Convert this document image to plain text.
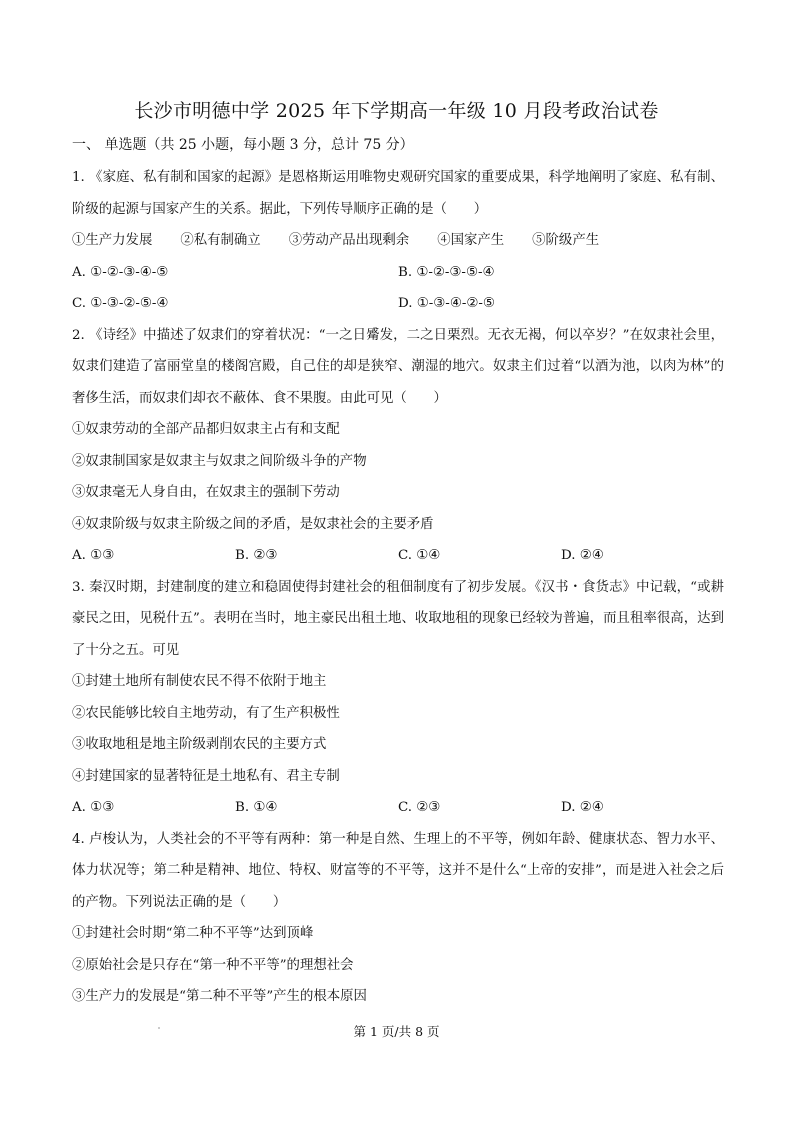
长沙市明德中学 2025 年下学期高一年级 10 月段考政治试卷
一、 单选题（共 25 小题，每小题 3 分，总计 75 分）
1. 《家庭、私有制和国家的起源》是恩格斯运用唯物史观研究国家的重要成果，科学地阐明了家庭、私有制、阶级的起源与国家产生的关系。据此，下列传导顺序正确的是（　　）
①生产力发展 ②私有制确立 ③劳动产品出现剩余 ④国家产生 ⑤阶级产生
A. ①-②-③-④-⑤	B. ①-②-③-⑤-④
C. ①-③-②-⑤-④	D. ①-③-④-②-⑤
2. 《诗经》中描述了奴隶们的穿着状况：“一之日觱发，二之日栗烈。无衣无褐，何以卒岁？”在奴隶社会里，奴隶们建造了富丽堂皇的楼阁宫殿，自己住的却是狭窄、潮湿的地穴。奴隶主们过着“以酒为池，以肉为林”的奢侈生活，而奴隶们却衣不蔽体、食不果腹。由此可见（　　）
①奴隶劳动的全部产品都归奴隶主占有和支配
②奴隶制国家是奴隶主与奴隶之间阶级斗争的产物
③奴隶毫无人身自由，在奴隶主的强制下劳动
④奴隶阶级与奴隶主阶级之间的矛盾，是奴隶社会的主要矛盾
A. ①③	B. ②③	C. ①④	D. ②④
3. 秦汉时期，封建制度的建立和稳固使得封建社会的租佃制度有了初步发展。《汉书・食货志》中记载，“或耕豪民之田，见税什五”。表明在当时，地主豪民出租土地、收取地租的现象已经较为普遍，而且租率很高，达到了十分之五。可见
①封建土地所有制使农民不得不依附于地主
②农民能够比较自主地劳动，有了生产积极性
③收取地租是地主阶级剥削农民的主要方式
④封建国家的显著特征是土地私有、君主专制
A. ①③	B. ①④	C. ②③	D. ②④
4. 卢梭认为，人类社会的不平等有两种：第一种是自然、生理上的不平等，例如年龄、健康状态、智力水平、体力状况等；第二种是精神、地位、特权、财富等的不平等，这并不是什么“上帝的安排”，而是进入社会之后的产物。下列说法正确的是（　　）
①封建社会时期“第二种不平等”达到顶峰
②原始社会是只存在“第一种不平等”的理想社会
③生产力的发展是“第二种不平等”产生的根本原因
第 1 页/共 8 页
